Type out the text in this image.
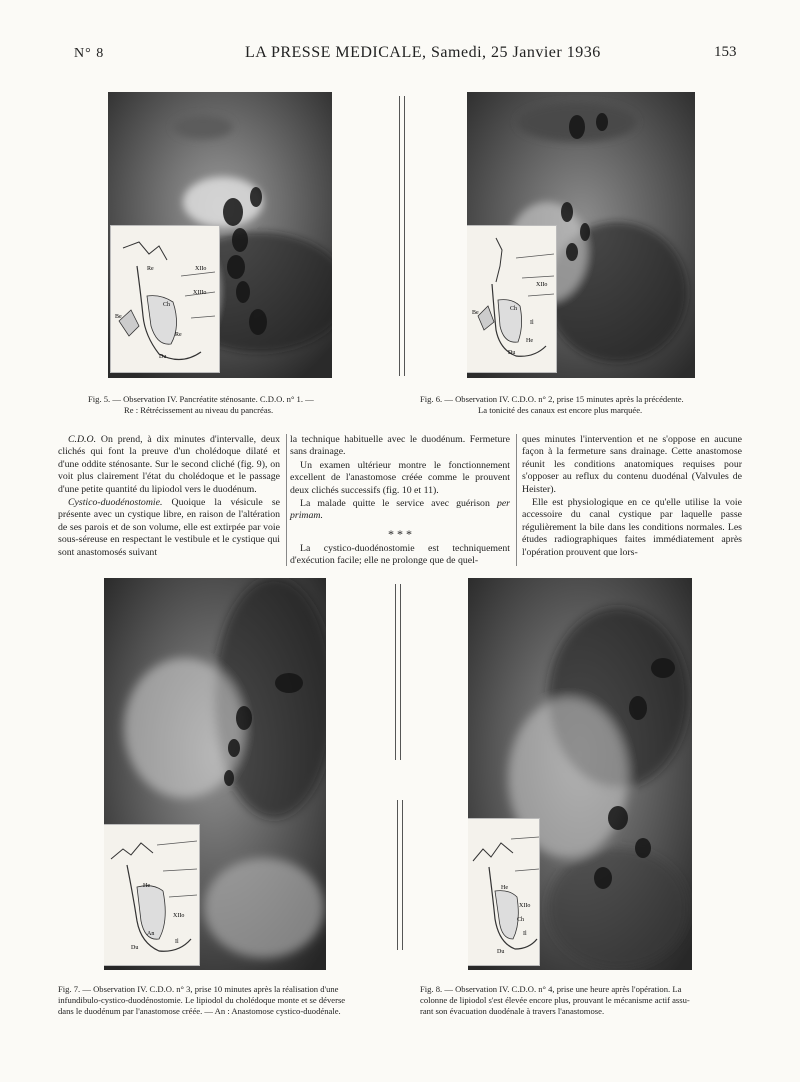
N° 8	LA PRESSE MEDICALE, Samedi, 25 Janvier 1936	153
Re	XIIo
XIIIo
Be
Ch
Du
Re
XIIo
Be
Ch
Il
Du
He

Fig. 5. — Observation IV. Pancréatite sténosante. C.D.O. n° 1. —

Re : Rétrécissement au niveau du pancréas.

Fig. 6. — Observation IV. C.D.O. n° 2, prise 15 minutes après la précédente.

La tonicité des canaux est encore plus marquée.

C.D.O. On prend, à dix minutes d'intervalle, deux clichés qui font la preuve d'un cholédoque dilaté et d'une oddite sténosante. Sur le second cliché (fig. 9), on voit plus clairement l'état du cholédoque et le passage d'une petite quantité du lipiodol vers le duodénum.

Cystico-duodénostomie. Quoique la vésicule se présente avec un cystique libre, en raison de l'altération de ses parois et de son volume, elle est extirpée par voie sous-séreuse en respectant le vestibule et le cystique qui sont anastomosés suivant

la technique habituelle avec le duodénum. Fermeture sans drainage.

Un examen ultérieur montre le fonctionnement excellent de l'anastomose créée comme le prouvent deux clichés successifs (fig. 10 et 11).

La malade quitte le service avec guérison per primam.

* * *

La cystico-duodénostomie est techniquement d'exécution facile; elle ne prolonge que de quel-

ques minutes l'intervention et ne s'oppose en aucune façon à la fermeture sans drainage. Cette anastomose réunit les conditions anatomiques requises pour s'opposer au reflux du contenu duodénal (Valvules de Heister).

Elle est physiologique en ce qu'elle utilise la voie accessoire du canal cystique par laquelle passe régulièrement la bile dans les conditions normales. Les études radiographiques faites immédiatement après l'opération prouvent que lors-

He
XIIo
Du
An
Il
He
XIIo
Ch
Il
Du

Fig. 7. — Observation IV. C.D.O. n° 3, prise 10 minutes après la réalisation d'une

infundibulo-cystico-duodénostomie. Le lipiodol du cholédoque monte et se déverse

dans le duodénum par l'anastomose créée. — An : Anastomose cystico-duodénale.

Fig. 8. — Observation IV. C.D.O. n° 4, prise une heure après l'opération. La

colonne de lipiodol s'est élevée encore plus, prouvant le mécanisme actif assu-

rant son évacuation duodénale à travers l'anastomose.
